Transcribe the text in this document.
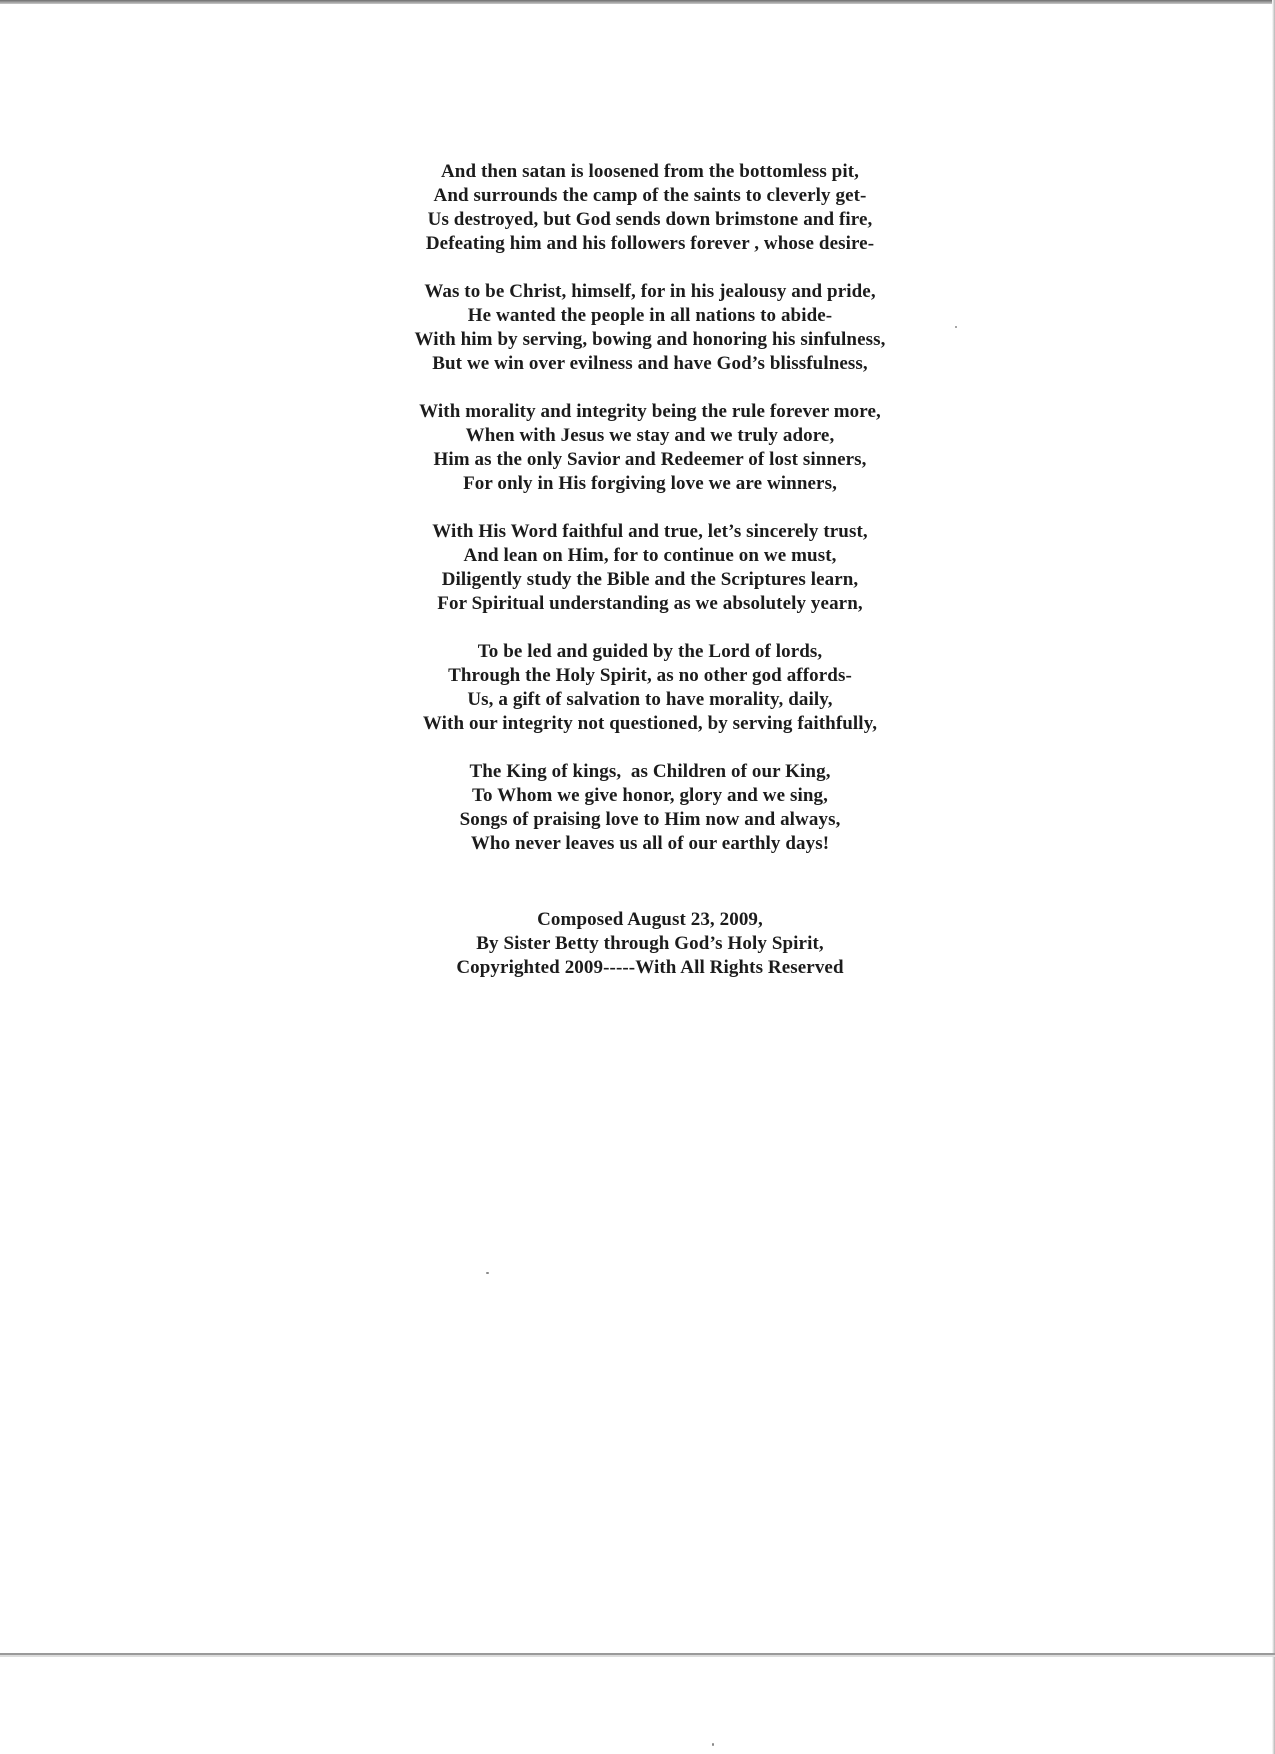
And then satan is loosened from the bottomless pit,
And surrounds the camp of the saints to cleverly get-
Us destroyed, but God sends down brimstone and fire,
Defeating him and his followers forever , whose desire-
Was to be Christ, himself, for in his jealousy and pride,
He wanted the people in all nations to abide-
With him by serving, bowing and honoring his sinfulness,
But we win over evilness and have God’s blissfulness,
With morality and integrity being the rule forever more,
When with Jesus we stay and we truly adore,
Him as the only Savior and Redeemer of lost sinners,
For only in His forgiving love we are winners,
With His Word faithful and true, let’s sincerely trust,
And lean on Him, for to continue on we must,
Diligently study the Bible and the Scriptures learn,
For Spiritual understanding as we absolutely yearn,
To be led and guided by the Lord of lords,
Through the Holy Spirit, as no other god affords-
Us, a gift of salvation to have morality, daily,
With our integrity not questioned, by serving faithfully,
The King of kings,  as Children of our King,
To Whom we give honor, glory and we sing,
Songs of praising love to Him now and always,
Who never leaves us all of our earthly days!
Composed August 23, 2009,
By Sister Betty through God’s Holy Spirit,
Copyrighted 2009-----With All Rights Reserved
